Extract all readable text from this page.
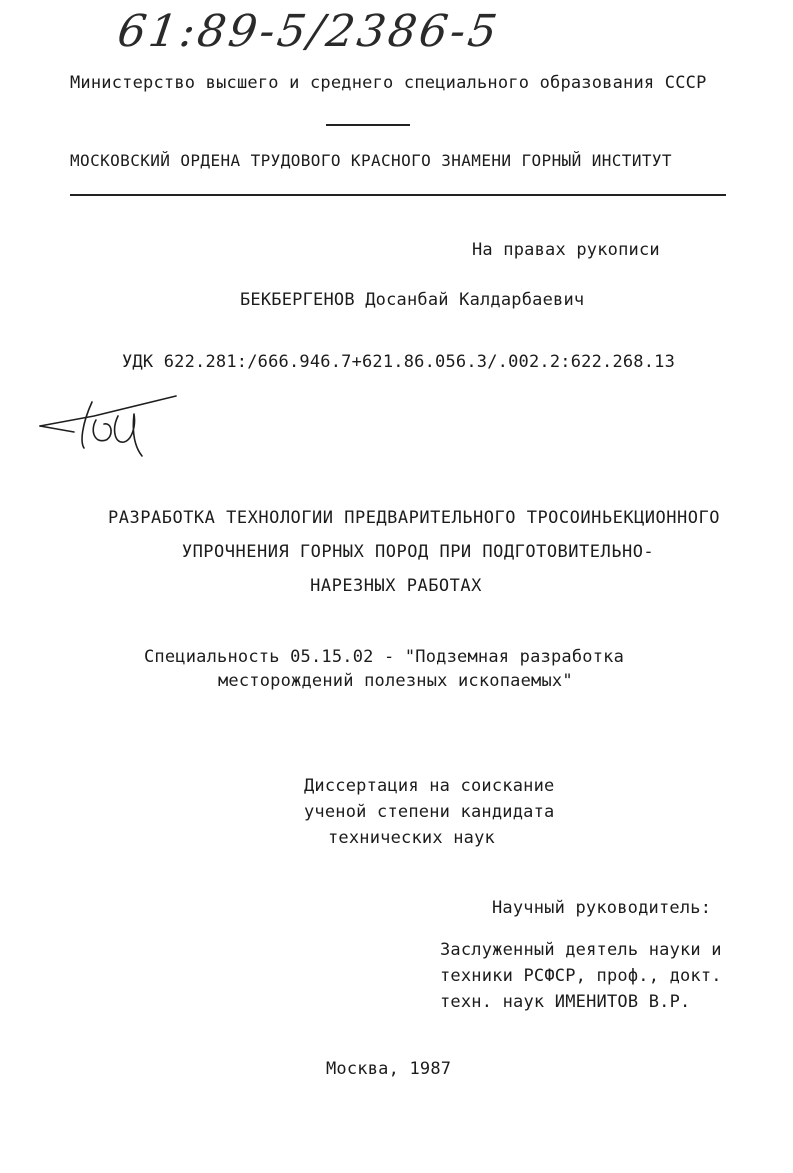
61:89-5/2386-5
Министерство высшего и среднего специального образования СССР
МОСКОВСКИЙ ОРДЕНА ТРУДОВОГО КРАСНОГО ЗНАМЕНИ ГОРНЫЙ ИНСТИТУТ
На правах рукописи
БЕКБЕРГЕНОВ Досанбай Калдарбаевич
УДК 622.281:/666.946.7+621.86.056.3/.002.2:622.268.13
РАЗРАБОТКА ТЕХНОЛОГИИ ПРЕДВАРИТЕЛЬНОГО ТРОСОИНЬЕКЦИОННОГО
УПРОЧНЕНИЯ ГОРНЫХ ПОРОД ПРИ ПОДГОТОВИТЕЛЬНО-
НАРЕЗНЫХ РАБОТАХ
Специальность 05.15.02 - "Подземная разработка
месторождений полезных ископаемых"
Диссертация на соискание
ученой степени кандидата
технических наук
Научный руководитель:
Заслуженный деятель науки и
техники РСФСР, проф., докт.
техн. наук ИМЕНИТОВ В.Р.
Москва, 1987
